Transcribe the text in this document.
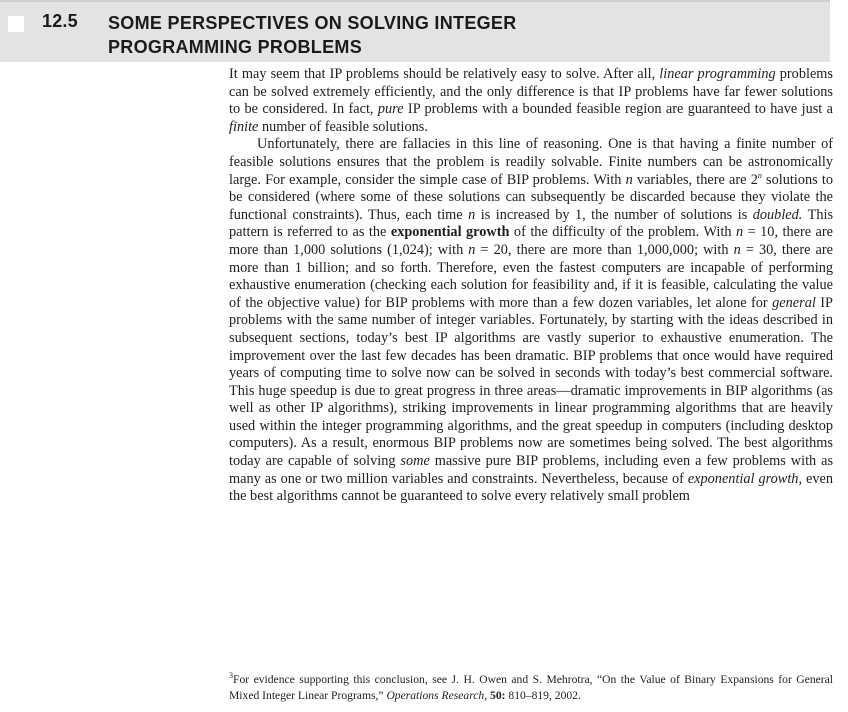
12.5 SOME PERSPECTIVES ON SOLVING INTEGER
PROGRAMMING PROBLEMS

It may seem that IP problems should be relatively easy to solve. After all, linear programming problems can be solved extremely efficiently, and the only difference is that IP problems have far fewer solutions to be considered. In fact, pure IP problems with a bounded feasible region are guaranteed to have just a finite number of feasible solutions.

Unfortunately, there are fallacies in this line of reasoning. One is that having a finite number of feasible solutions ensures that the problem is readily solvable. Finite numbers can be astronomically large. For example, consider the simple case of BIP problems. With n variables, there are 2$^n$ solutions to be considered (where some of these solutions can subsequently be discarded because they violate the functional constraints). Thus, each time n is increased by 1, the number of solutions is doubled. This pattern is referred to as the exponential growth of the difficulty of the problem. With n = 10, there are more than 1,000 solutions (1,024); with n = 20, there are more than 1,000,000; with n = 30, there are more than 1 billion; and so forth. Therefore, even the fastest computers are incapable of performing exhaustive enumeration (checking each solution for feasibility and, if it is feasible, calculating the value of the objective value) for BIP problems with more than a few dozen variables, let alone for general IP problems with the same number of integer variables. Fortunately, by starting with the ideas described in subsequent sections, today’s best IP algorithms are vastly superior to exhaustive enumeration. The improvement over the last few decades has been dramatic. BIP problems that once would have required years of computing time to solve now can be solved in seconds with today’s best commercial software. This huge speedup is due to great progress in three areas—dramatic improvements in BIP algorithms (as well as other IP algorithms), striking improvements in linear programming algorithms that are heavily used within the integer programming algorithms, and the great speedup in computers (including desktop computers). As a result, enormous BIP problems now are sometimes being solved. The best algorithms today are capable of solving some massive pure BIP problems, including even a few problems with as many as one or two million variables and constraints. Nevertheless, because of exponential growth, even the best algorithms cannot be guaranteed to solve every relatively small problem

$^3$For evidence supporting this conclusion, see J. H. Owen and S. Mehrotra, “On the Value of Binary Expansions for General Mixed Integer Linear Programs,” Operations Research, 50: 810–819, 2002.
